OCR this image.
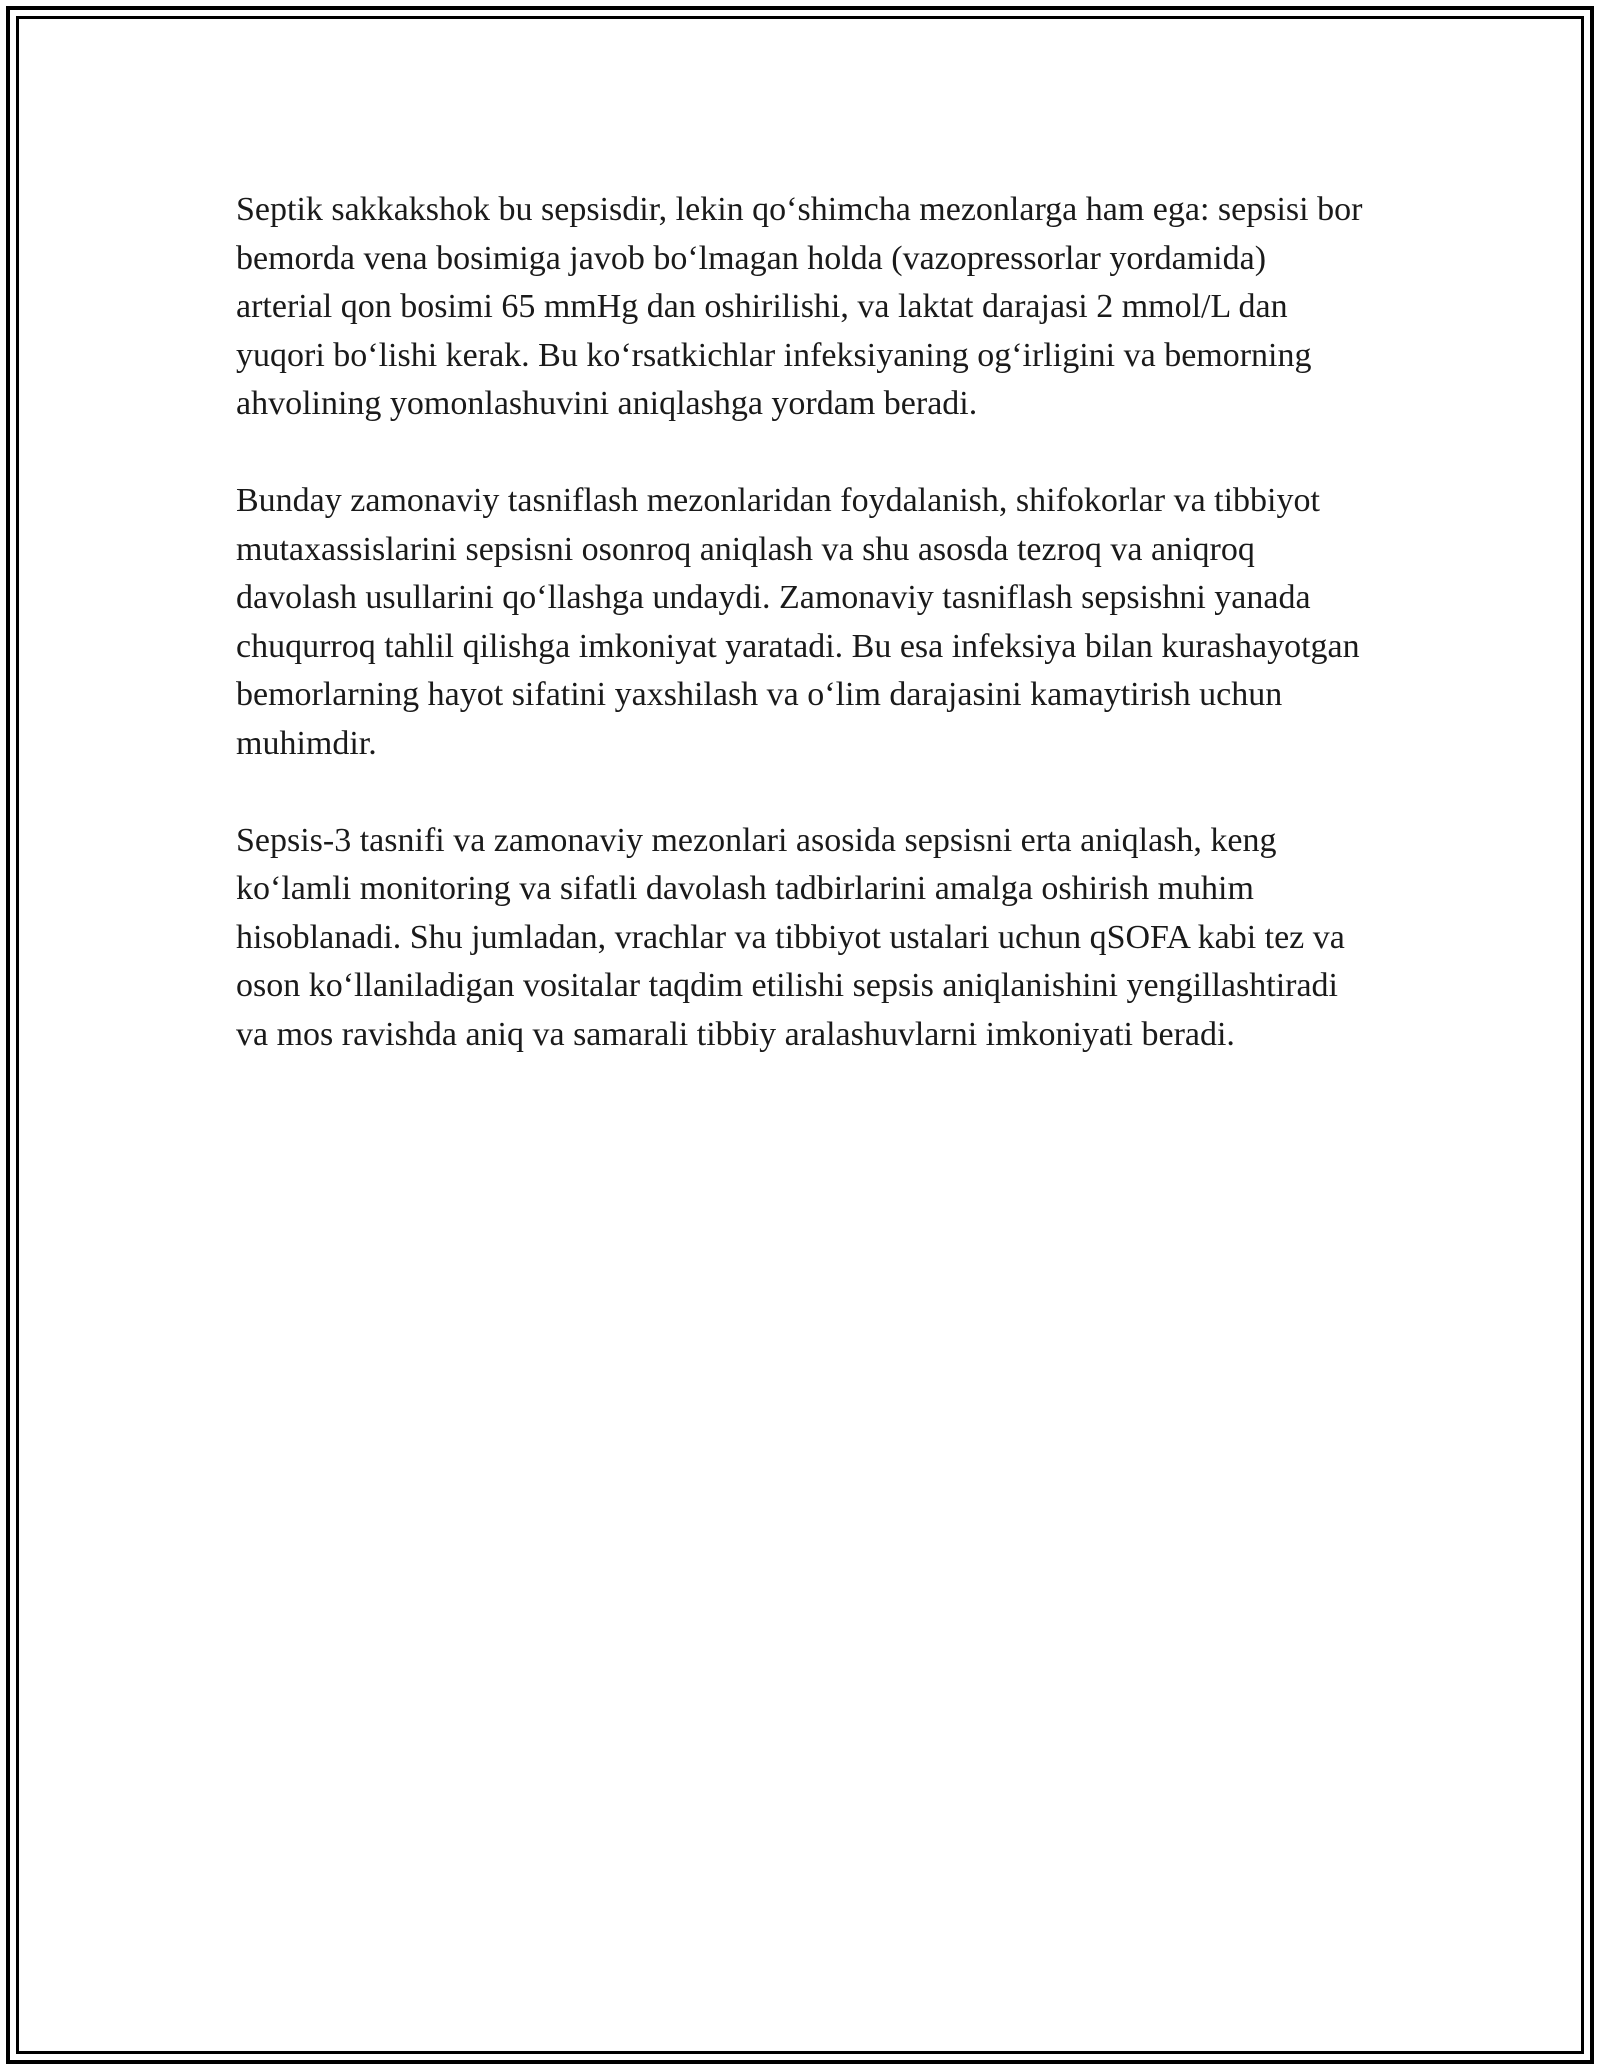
Septik sakkakshok bu sepsisdir, lekin qo‘shimcha mezonlarga ham ega: sepsisi bor bemorda vena bosimiga javob bo‘lmagan holda (vazopressorlar yordamida) arterial qon bosimi 65 mmHg dan oshirilishi, va laktat darajasi 2 mmol/L dan yuqori bo‘lishi kerak. Bu ko‘rsatkichlar infeksiyaning og‘irligini va bemorning ahvolining yomonlashuvini aniqlashga yordam beradi.

Bunday zamonaviy tasniflash mezonlaridan foydalanish, shifokorlar va tibbiyot mutaxassislarini sepsisni osonroq aniqlash va shu asosda tezroq va aniqroq davolash usullarini qo‘llashga undaydi. Zamonaviy tasniflash sepsishni yanada chuqurroq tahlil qilishga imkoniyat yaratadi. Bu esa infeksiya bilan kurashayotgan bemorlarning hayot sifatini yaxshilash va o‘lim darajasini kamaytirish uchun muhimdir.

Sepsis-3 tasnifi va zamonaviy mezonlari asosida sepsisni erta aniqlash, keng ko‘lamli monitoring va sifatli davolash tadbirlarini amalga oshirish muhim hisoblanadi. Shu jumladan, vrachlar va tibbiyot ustalari uchun qSOFA kabi tez va oson ko‘llaniladigan vositalar taqdim etilishi sepsis aniqlanishini yengillashtiradi va mos ravishda aniq va samarali tibbiy aralashuvlarni imkoniyati beradi.
